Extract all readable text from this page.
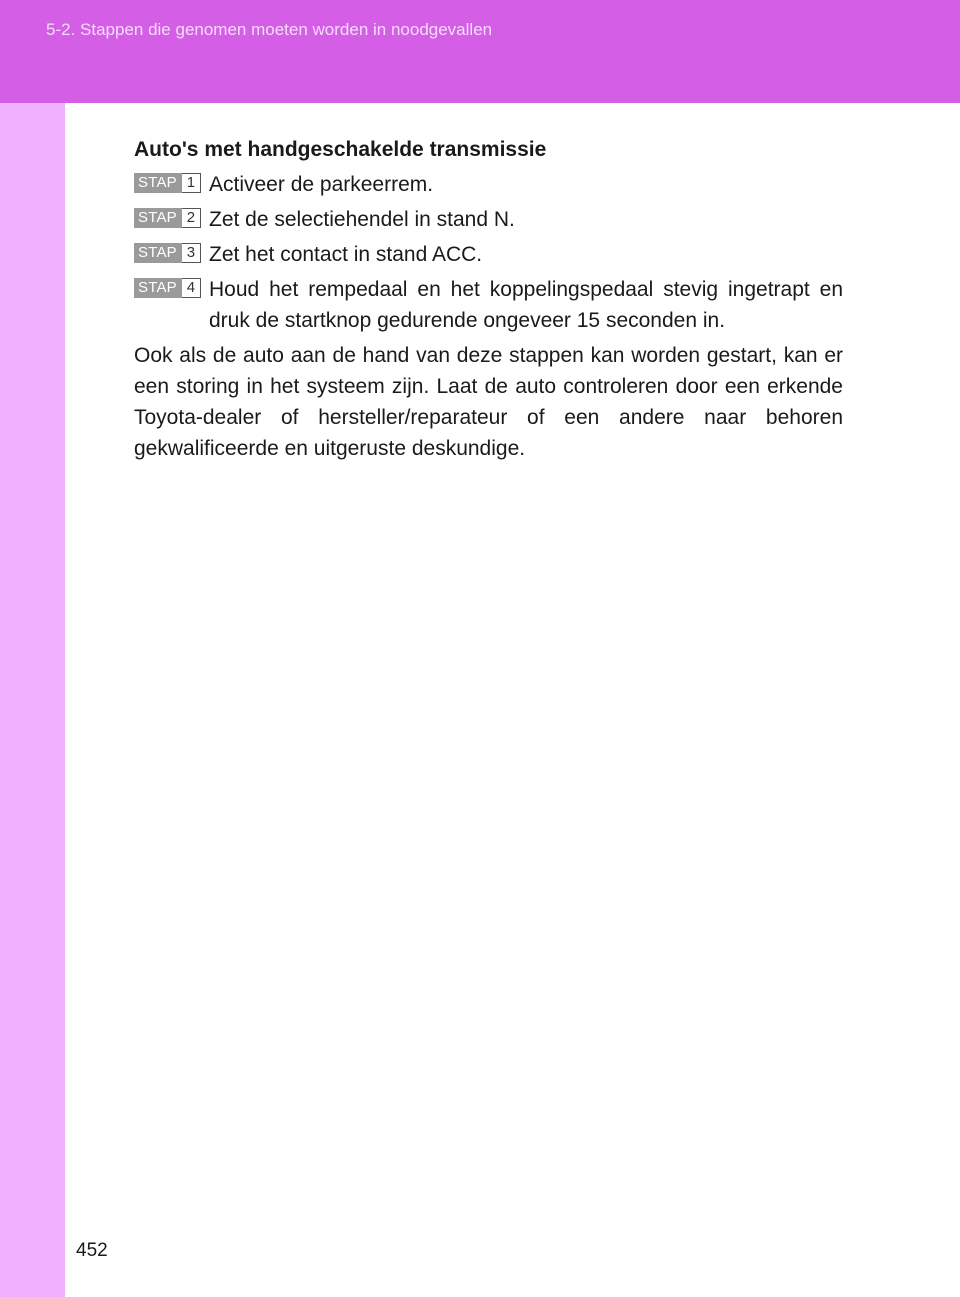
5-2. Stappen die genomen moeten worden in noodgevallen
Auto's met handgeschakelde transmissie
STAP 1 Activeer de parkeerrem.
STAP 2 Zet de selectiehendel in stand N.
STAP 3 Zet het contact in stand ACC.
STAP 4 Houd het rempedaal en het koppelingspedaal stevig ingetrapt en druk de startknop gedurende ongeveer 15 seconden in.
Ook als de auto aan de hand van deze stappen kan worden gestart, kan er een storing in het systeem zijn. Laat de auto controleren door een erkende Toyota-dealer of hersteller/reparateur of een andere naar behoren gekwalificeerde en uitgeruste deskundige.
452
